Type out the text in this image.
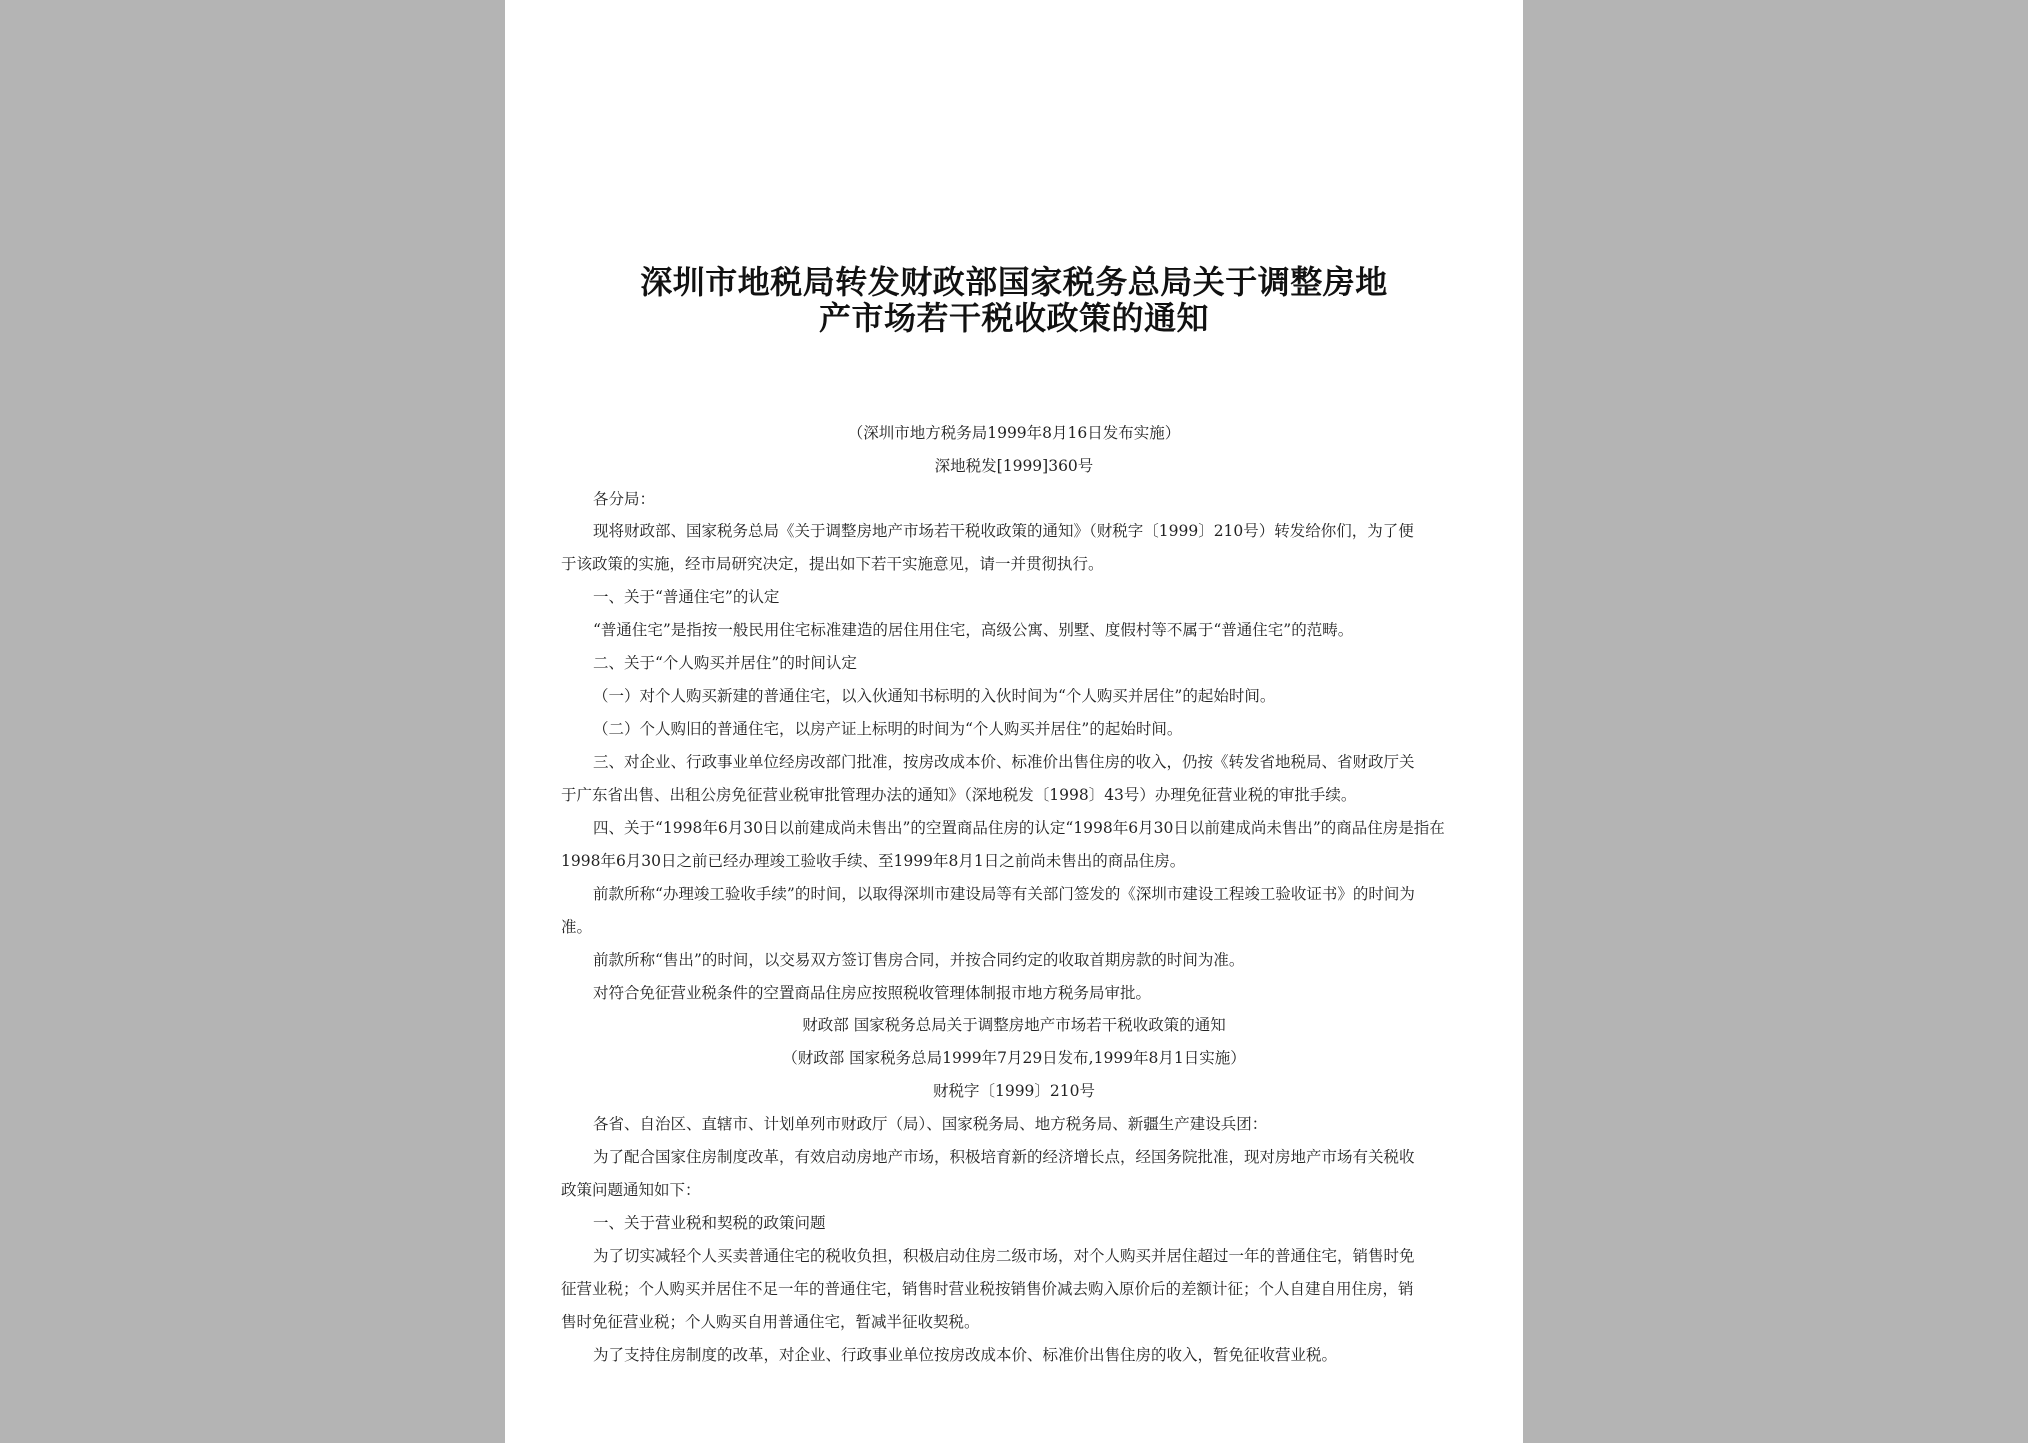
深圳市地税局转发财政部国家税务总局关于调整房地
产市场若干税收政策的通知
（深圳市地方税务局1999年8月16日发布实施）
深地税发[1999]360号
各分局：
现将财政部、国家税务总局《关于调整房地产市场若干税收政策的通知》（财税字〔1999〕210号）转发给你们，为了便
于该政策的实施，经市局研究决定，提出如下若干实施意见，请一并贯彻执行。
一、关于“普通住宅”的认定
“普通住宅”是指按一般民用住宅标准建造的居住用住宅，高级公寓、别墅、度假村等不属于“普通住宅”的范畴。
二、关于“个人购买并居住”的时间认定
（一）对个人购买新建的普通住宅，以入伙通知书标明的入伙时间为“个人购买并居住”的起始时间。
（二）个人购旧的普通住宅，以房产证上标明的时间为“个人购买并居住”的起始时间。
三、对企业、行政事业单位经房改部门批准，按房改成本价、标准价出售住房的收入，仍按《转发省地税局、省财政厅关
于广东省出售、出租公房免征营业税审批管理办法的通知》（深地税发〔1998〕43号）办理免征营业税的审批手续。
四、关于“1998年6月30日以前建成尚未售出”的空置商品住房的认定“1998年6月30日以前建成尚未售出”的商品住房是指在
1998年6月30日之前已经办理竣工验收手续、至1999年8月1日之前尚未售出的商品住房。
前款所称“办理竣工验收手续”的时间，以取得深圳市建设局等有关部门签发的《深圳市建设工程竣工验收证书》的时间为
准。
前款所称“售出”的时间，以交易双方签订售房合同，并按合同约定的收取首期房款的时间为准。
对符合免征营业税条件的空置商品住房应按照税收管理体制报市地方税务局审批。
财政部 国家税务总局关于调整房地产市场若干税收政策的通知
（财政部 国家税务总局1999年7月29日发布,1999年8月1日实施）
财税字〔1999〕210号
各省、自治区、直辖市、计划单列市财政厅（局）、国家税务局、地方税务局、新疆生产建设兵团：
为了配合国家住房制度改革，有效启动房地产市场，积极培育新的经济增长点，经国务院批准，现对房地产市场有关税收
政策问题通知如下：
一、关于营业税和契税的政策问题
为了切实减轻个人买卖普通住宅的税收负担，积极启动住房二级市场，对个人购买并居住超过一年的普通住宅，销售时免
征营业税；个人购买并居住不足一年的普通住宅，销售时营业税按销售价减去购入原价后的差额计征；个人自建自用住房，销
售时免征营业税；个人购买自用普通住宅，暂减半征收契税。
为了支持住房制度的改革，对企业、行政事业单位按房改成本价、标准价出售住房的收入，暂免征收营业税。
